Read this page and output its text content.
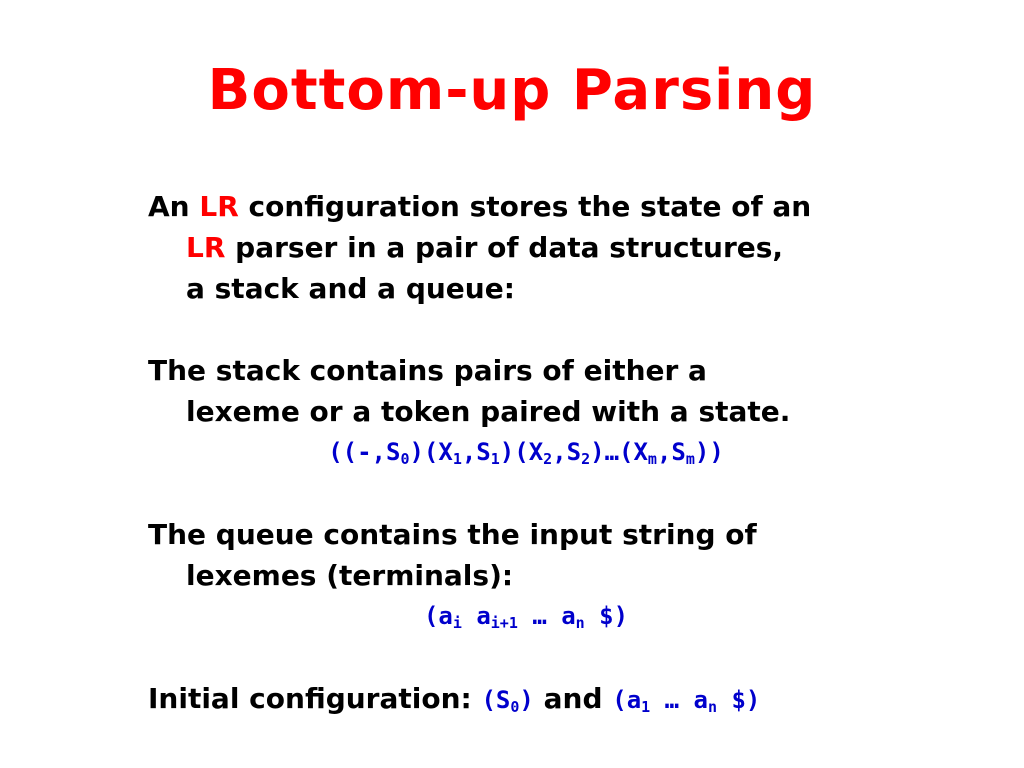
Bottom-up Parsing

An LR configuration stores the state of an
LR parser in a pair of data structures,
a stack and a queue:

The stack contains pairs of either a
lexeme or a token paired with a state.

$((-,S_0)(X_1,S_1)(X_2,S_2)\dots(X_m,S_m))$

The queue contains the input string of
lexemes (terminals):

($a_i$ $a_{i+1}$ … $a_n$ $)

Initial configuration: $(S_0)$ and ($a_1$ … $a_n$ $)
